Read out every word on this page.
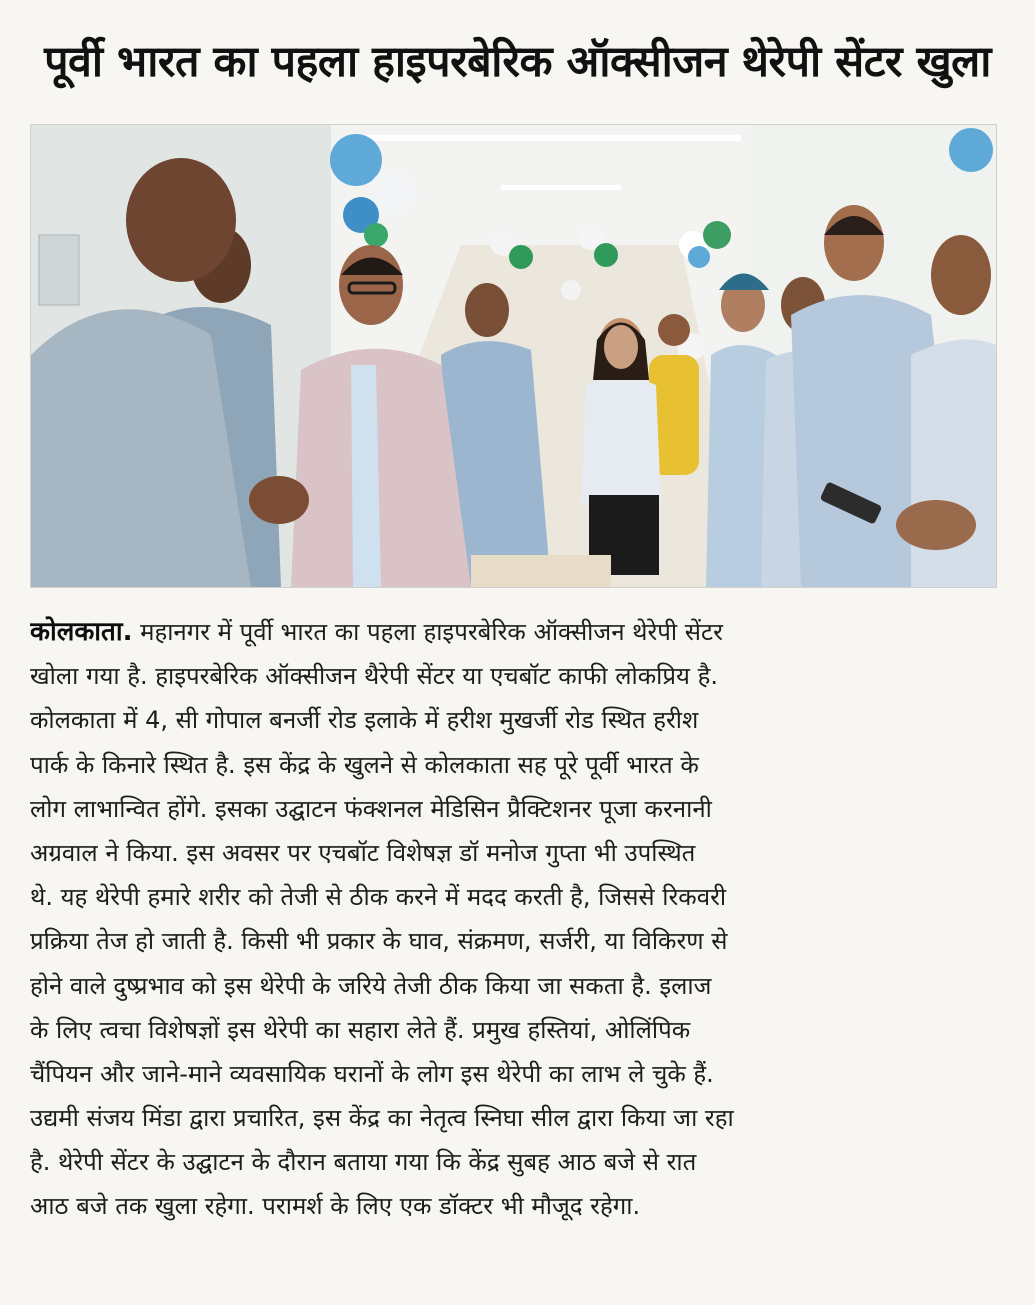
पूर्वी भारत का पहला हाइपरबेरिक ऑक्सीजन थेरेपी सेंटर खुला
कोलकाता. महानगर में पूर्वी भारत का पहला हाइपरबेरिक ऑक्सीजन थेरेपी सेंटर
खोला गया है. हाइपरबेरिक ऑक्सीजन थैरेपी सेंटर या एचबॉट काफी लोकप्रिय है.
कोलकाता में 4, सी गोपाल बनर्जी रोड इलाके में हरीश मुखर्जी रोड स्थित हरीश
पार्क के किनारे स्थित है. इस केंद्र के खुलने से कोलकाता सह पूरे पूर्वी भारत के
लोग लाभान्वित होंगे. इसका उद्घाटन फंक्शनल मेडिसिन प्रैक्टिशनर पूजा करनानी
अग्रवाल ने किया. इस अवसर पर एचबॉट विशेषज्ञ डॉ मनोज गुप्ता भी उपस्थित
थे. यह थेरेपी हमारे शरीर को तेजी से ठीक करने में मदद करती है, जिससे रिकवरी
प्रक्रिया तेज हो जाती है. किसी भी प्रकार के घाव, संक्रमण, सर्जरी, या विकिरण से
होने वाले दुष्प्रभाव को इस थेरेपी के जरिये तेजी ठीक किया जा सकता है. इलाज
के लिए त्वचा विशेषज्ञों इस थेरेपी का सहारा लेते हैं. प्रमुख हस्तियां, ओलिंपिक
चैंपियन और जाने-माने व्यवसायिक घरानों के लोग इस थेरेपी का लाभ ले चुके हैं.
उद्यमी संजय मिंडा द्वारा प्रचारित, इस केंद्र का नेतृत्व स्निघा सील द्वारा किया जा रहा
है. थेरेपी सेंटर के उद्घाटन के दौरान बताया गया कि केंद्र सुबह आठ बजे से रात
आठ बजे तक खुला रहेगा. परामर्श के लिए एक डॉक्टर भी मौजूद रहेगा.
